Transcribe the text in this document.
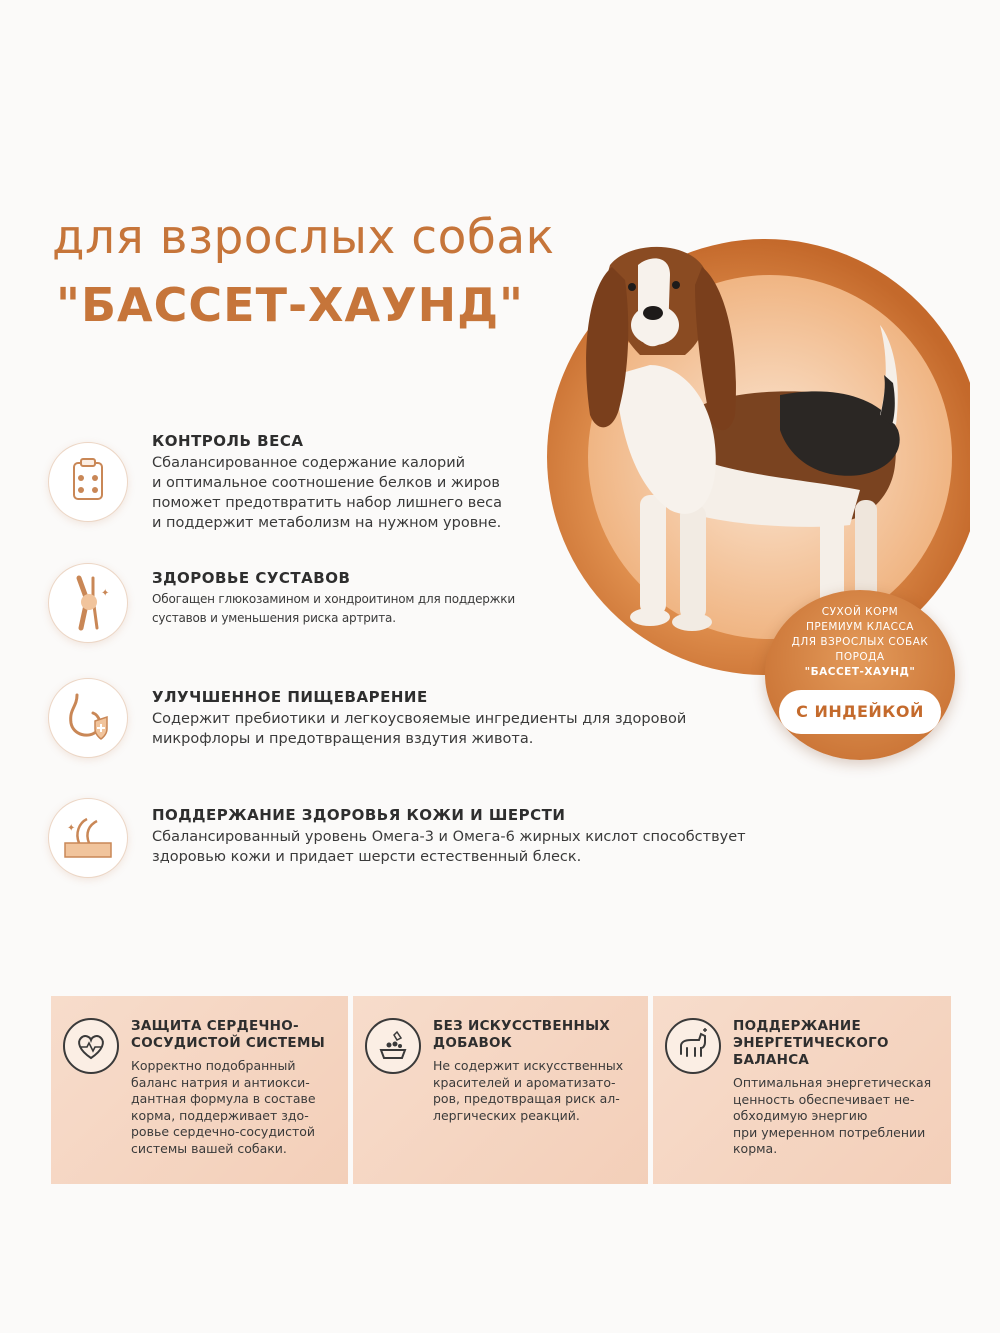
для взрослых собак
"БАССЕТ-ХАУНД"
СУХОЙ КОРМ
ПРЕМИУМ КЛАССА
ДЛЯ ВЗРОСЛЫХ СОБАК
ПОРОДА
"БАССЕТ-ХАУНД"
С ИНДЕЙКОЙ
КОНТРОЛЬ ВЕСА
Сбалансированное содержание калорий
и оптимальное соотношение белков и жиров
поможет предотвратить набор лишнего веса
и поддержит метаболизм на нужном уровне.
✦
ЗДОРОВЬЕ СУСТАВОВ
Обогащен глюкозамином и хондроитином для поддержки
суставов и уменьшения риска артрита.
УЛУЧШЕННОЕ ПИЩЕВАРЕНИЕ
Содержит пребиотики и легкоусвояемые ингредиенты для здоровой
микрофлоры и предотвращения вздутия живота.
✦
ПОДДЕРЖАНИЕ ЗДОРОВЬЯ КОЖИ И ШЕРСТИ
Сбалансированный уровень Омега-3 и Омега-6 жирных кислот способствует
здоровью кожи и придает шерсти естественный блеск.
ЗАЩИТА СЕРДЕЧНО-
СОСУДИСТОЙ СИСТЕМЫ
Корректно подобранный
баланс натрия и антиокси-
дантная формула в составе
корма, поддерживает здо-
ровье сердечно-сосудистой
системы вашей собаки.
БЕЗ ИСКУССТВЕННЫХ
ДОБАВОК
Не содержит искусственных
красителей и ароматизато-
ров, предотвращая риск ал-
лергических реакций.
ПОДДЕРЖАНИЕ
ЭНЕРГЕТИЧЕСКОГО
БАЛАНСА
Оптимальная энергетическая
ценность обеспечивает не-
обходимую энергию
при умеренном потреблении
корма.
